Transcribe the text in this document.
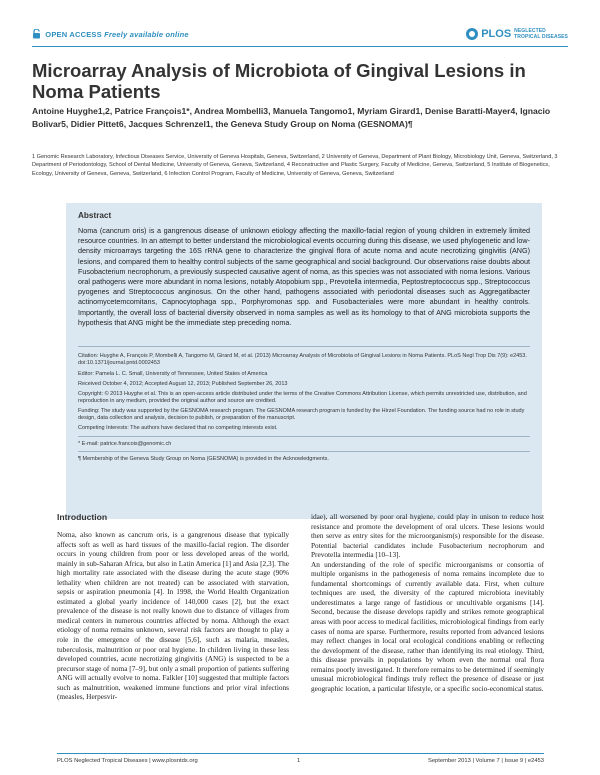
OPEN ACCESS Freely available online	PLOS NEGLECTED
TROPICAL DISEASES
Microarray Analysis of Microbiota of Gingival Lesions in Noma Patients
Antoine Huyghe1,2, Patrice François1*, Andrea Mombelli3, Manuela Tangomo1, Myriam Girard1, Denise Baratti-Mayer4, Ignacio Bolivar5, Didier Pittet6, Jacques Schrenzel1, the Geneva Study Group on Noma (GESNOMA)¶
1 Genomic Research Laboratory, Infectious Diseases Service, University of Geneva Hospitals, Geneva, Switzerland, 2 University of Geneva, Department of Plant Biology, Microbiology Unit, Geneva, Switzerland, 3 Department of Periodontology, School of Dental Medicine, University of Geneva, Geneva, Switzerland, 4 Reconstructive and Plastic Surgery, Faculty of Medicine, Geneva, Switzerland, 5 Institute of Biogenetics, Ecology, University of Geneva, Geneva, Switzerland, 6 Infection Control Program, Faculty of Medicine, University of Geneva, Geneva, Switzerland
Abstract
Noma (cancrum oris) is a gangrenous disease of unknown etiology affecting the maxillo-facial region of young children in extremely limited resource countries. In an attempt to better understand the microbiological events occurring during this disease, we used phylogenetic and low-density microarrays targeting the 16S rRNA gene to characterize the gingival flora of acute noma and acute necrotizing gingivitis (ANG) lesions, and compared them to healthy control subjects of the same geographical and social background. Our observations raise doubts about Fusobacterium necrophorum, a previously suspected causative agent of noma, as this species was not associated with noma lesions. Various oral pathogens were more abundant in noma lesions, notably Atopobium spp., Prevotella intermedia, Peptostreptococcus spp., Streptococcus pyogenes and Streptococcus anginosus. On the other hand, pathogens associated with periodontal diseases such as Aggregatibacter actinomycetemcomitans, Capnocytophaga spp., Porphyromonas spp. and Fusobacteriales were more abundant in healthy controls. Importantly, the overall loss of bacterial diversity observed in noma samples as well as its homology to that of ANG microbiota supports the hypothesis that ANG might be the immediate step preceding noma.
Citation: Huyghe A, François P, Mombelli A, Tangomo M, Girard M, et al. (2013) Microarray Analysis of Microbiota of Gingival Lesions in Noma Patients. PLoS Negl Trop Dis 7(9): e2453. doi:10.1371/journal.pntd.0002453
Editor: Pamela L. C. Small, University of Tennessee, United States of America
Received October 4, 2012; Accepted August 12, 2013; Published September 26, 2013
Copyright: © 2013 Huyghe et al. This is an open-access article distributed under the terms of the Creative Commons Attribution License, which permits unrestricted use, distribution, and reproduction in any medium, provided the original author and source are credited.
Funding: The study was supported by the GESNOMA research program. The GESNOMA research program is funded by the Hirzel Foundation. The funding source had no role in study design, data collection and analysis, decision to publish, or preparation of the manuscript.
Competing Interests: The authors have declared that no competing interests exist.
* E-mail: patrice.francois@genomic.ch
¶ Membership of the Geneva Study Group on Noma (GESNOMA) is provided in the Acknowledgments.
Introduction
Noma, also known as cancrum oris, is a gangrenous disease that typically affects soft as well as hard tissues of the maxillo-facial region. The disorder occurs in young children from poor or less developed areas of the world, mainly in sub-Saharan Africa, but also in Latin America [1] and Asia [2,3]. The high mortality rate associated with the disease during the acute stage (90% lethality when children are not treated) can be associated with starvation, sepsis or aspiration pneumonia [4]. In 1998, the World Health Organization estimated a global yearly incidence of 140,000 cases [2], but the exact prevalence of the disease is not really known due to distance of villages from medical centers in numerous countries affected by noma. Although the exact etiology of noma remains unknown, several risk factors are thought to play a role in the emergence of the disease [5,6], such as malaria, measles, tuberculosis, malnutrition or poor oral hygiene. In children living in these less developed countries, acute necrotizing gingivitis (ANG) is suspected to be a precursor stage of noma [7–9], but only a small proportion of patients suffering ANG will actually evolve to noma. Falkler [10] suggested that multiple factors such as malnutrition, weakened immune functions and prior viral infections (measles, Herpesvir-
idae), all worsened by poor oral hygiene, could play in unison to reduce host resistance and promote the development of oral ulcers. These lesions would then serve as entry sites for the microorganism(s) responsible for the disease. Potential bacterial candidates include Fusobacterium necrophorum and Prevotella intermedia [10–13].
An understanding of the role of specific microorganisms or consortia of multiple organisms in the pathogenesis of noma remains incomplete due to fundamental shortcomings of currently available data. First, when culture techniques are used, the diversity of the captured microbiota inevitably underestimates a large range of fastidious or uncultivable organisms [14]. Second, because the disease develops rapidly and strikes remote geographical areas with poor access to medical facilities, microbiological findings from early cases of noma are sparse. Furthermore, results reported from advanced lesions may reflect changes in local oral ecological conditions enabling or reflecting the development of the disease, rather than identifying its real etiology. Third, this disease prevails in populations by whom even the normal oral flora remains poorly investigated. It therefore remains to be determined if seemingly unusual microbiological findings truly reflect the presence of disease or just geographic location, a particular lifestyle, or a specific socio-economical status.
PLOS Neglected Tropical Diseases | www.plosntds.org	1	September 2013 | Volume 7 | Issue 9 | e2453
